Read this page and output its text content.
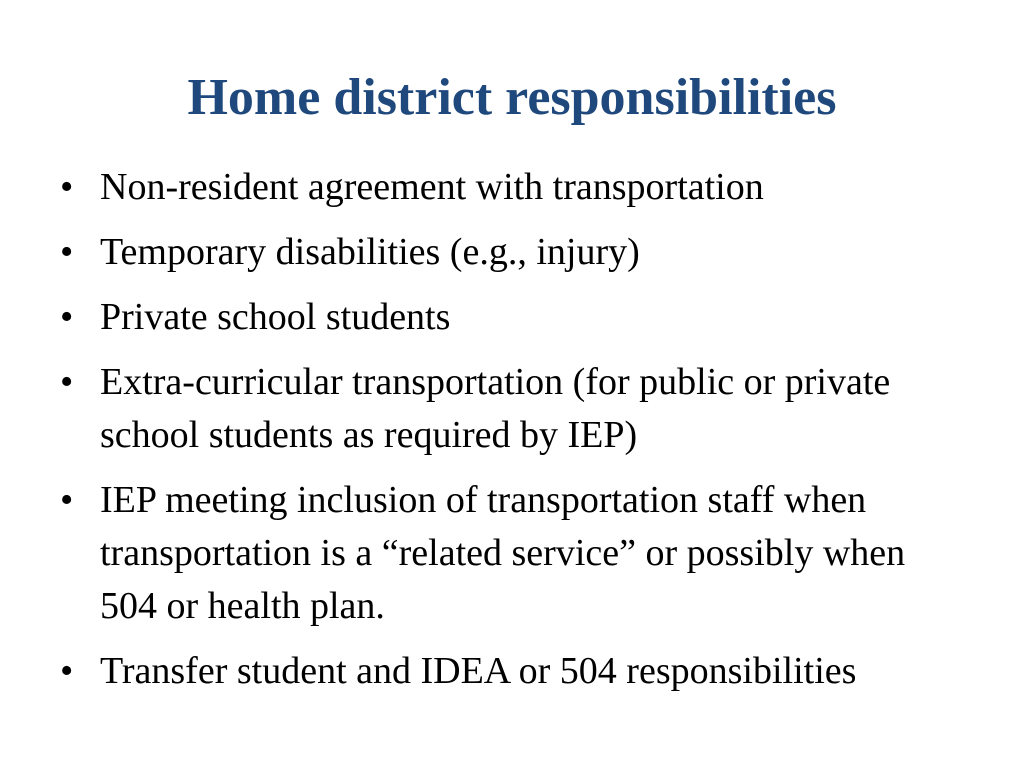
Home district responsibilities
• Non-resident agreement with transportation
• Temporary disabilities (e.g., injury)
• Private school students
• Extra-curricular transportation (for public or private school students as required by IEP)
• IEP meeting inclusion of transportation staff when transportation is a “related service” or possibly when 504 or health plan.
• Transfer student and IDEA or 504 responsibilities
